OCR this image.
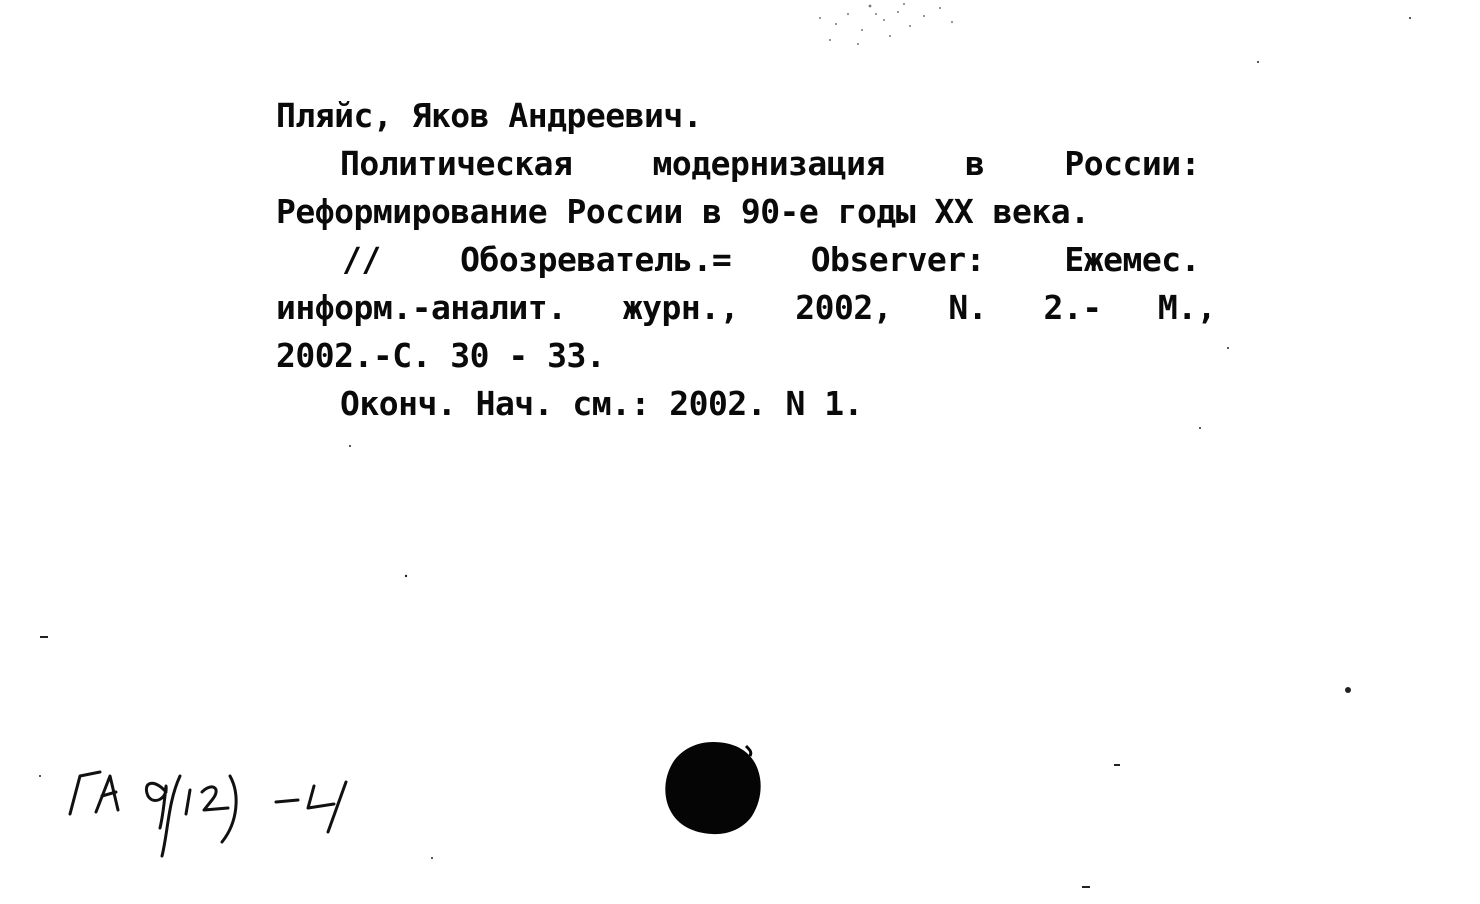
Пляйс, Яков Андреевич.
Политическая модернизация в России:
Реформирование России в 90-е годы XX века.
// Обозреватель.= Observer: Ежемес.
информ.-аналит. журн., 2002, N. 2.- М.,
2002.-С. 30 - 33.
Оконч. Нач. см.: 2002. N 1.
